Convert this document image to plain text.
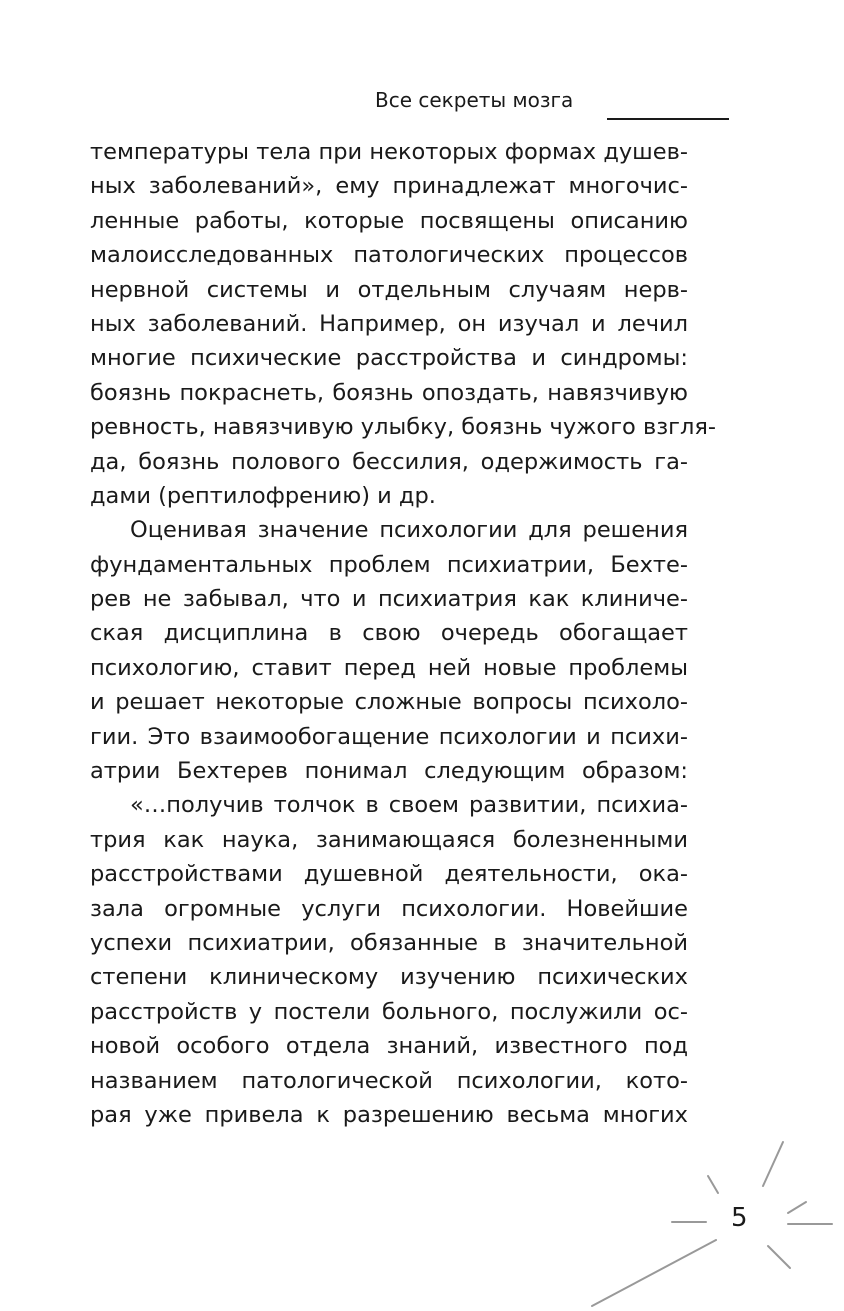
Все секреты мозга
температуры тела при некоторых формах душев-
ных заболеваний», ему принадлежат многочис-
ленные работы, которые посвящены описанию
малоисследованных патологических процессов
нервной системы и отдельным случаям нерв-
ных заболеваний. Например, он изучал и лечил
многие психические расстройства и синдромы:
боязнь покраснеть, боязнь опоздать, навязчивую
ревность, навязчивую улыбку, боязнь чужого взгля-
да, боязнь полового бессилия, одержимость га-
дами (рептилофрению) и др.
Оценивая значение психологии для решения
фундаментальных проблем психиатрии, Бехте-
рев не забывал, что и психиатрия как клиниче-
ская дисциплина в свою очередь обогащает
психологию, ставит перед ней новые проблемы
и решает некоторые сложные вопросы психоло-
гии. Это взаимообогащение психологии и психи-
атрии Бехтерев понимал следующим образом:
«…получив толчок в своем развитии, психиа-
трия как наука, занимающаяся болезненными
расстройствами душевной деятельности, ока-
зала огромные услуги психологии. Новейшие
успехи психиатрии, обязанные в значительной
степени клиническому изучению психических
расстройств у постели больного, послужили ос-
новой особого отдела знаний, известного под
названием патологической психологии, кото-
рая уже привела к разрешению весьма многих
5
